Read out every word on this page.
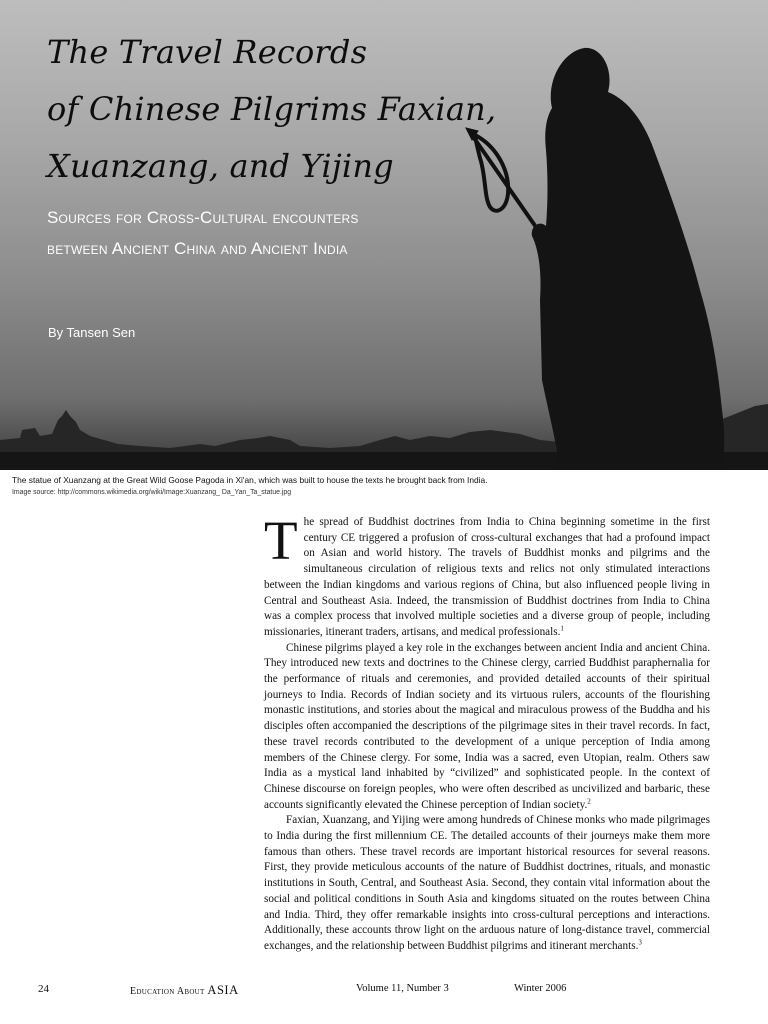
The Travel Records
of Chinese Pilgrims Faxian,
Xuanzang, and Yijing
Sources for Cross-Cultural encounters
between Ancient China and Ancient India
By Tansen Sen
The statue of Xuanzang at the Great Wild Goose Pagoda in Xi'an, which was built to house the texts he brought back from India.
Image source: http://commons.wikimedia.org/wiki/Image:Xuanzang_ Da_Yan_Ta_statue.jpg

The spread of Buddhist doctrines from India to China beginning sometime in the first century CE triggered a profusion of cross-cultural exchanges that had a profound impact on Asian and world history. The travels of Buddhist monks and pilgrims and the simultaneous circulation of religious texts and relics not only stimulated interactions between the Indian kingdoms and various regions of China, but also influenced people living in Central and Southeast Asia. Indeed, the transmission of Buddhist doctrines from India to China was a complex process that involved multiple societies and a diverse group of people, including missionaries, itinerant traders, artisans, and medical professionals.$^1$

Chinese pilgrims played a key role in the exchanges between ancient India and ancient China. They introduced new texts and doctrines to the Chinese clergy, carried Buddhist paraphernalia for the performance of rituals and ceremonies, and provided detailed accounts of their spiritual journeys to India. Records of Indian society and its virtuous rulers, accounts of the flourishing monastic institutions, and stories about the magical and miraculous prowess of the Buddha and his disciples often accompanied the descriptions of the pilgrimage sites in their travel records. In fact, these travel records contributed to the development of a unique perception of India among members of the Chinese clergy. For some, India was a sacred, even Utopian, realm. Others saw India as a mystical land inhabited by “civilized” and sophisticated people. In the context of Chinese discourse on foreign peoples, who were often described as uncivilized and barbaric, these accounts significantly elevated the Chinese perception of Indian society.$^2$

Faxian, Xuanzang, and Yijing were among hundreds of Chinese monks who made pilgrimages to India during the first millennium CE. The detailed accounts of their journeys make them more famous than others. These travel records are important historical resources for several reasons. First, they provide meticulous accounts of the nature of Buddhist doctrines, rituals, and monastic institutions in South, Central, and Southeast Asia. Second, they contain vital information about the social and political conditions in South Asia and kingdoms situated on the routes between China and India. Third, they offer remarkable insights into cross-cultural perceptions and interactions. Additionally, these accounts throw light on the arduous nature of long-distance travel, commercial exchanges, and the relationship between Buddhist pilgrims and itinerant merchants.$^3$

24	Education About ASIA	Volume 11, Number 3	Winter 2006
